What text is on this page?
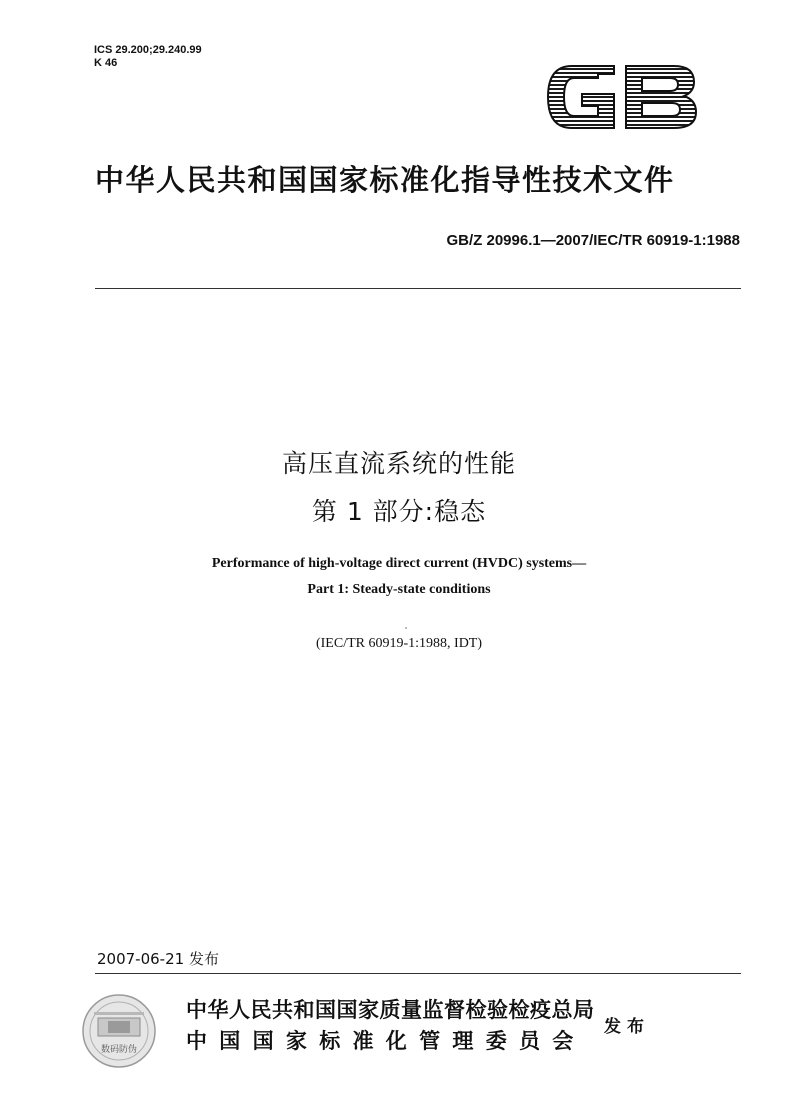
ICS 29.200;29.240.99
K 46
中华人民共和国国家标准化指导性技术文件
GB/Z 20996.1—2007/IEC/TR 60919-1:1988
高压直流系统的性能
第 1 部分:稳态
Performance of high-voltage direct current (HVDC) systems—
Part 1: Steady-state conditions
(IEC/TR 60919-1:1988, IDT)
2007-06-21 发布
数码防伪
中华人民共和国国家质量监督检验检疫总局
中国国家标准化管理委员会
发布
